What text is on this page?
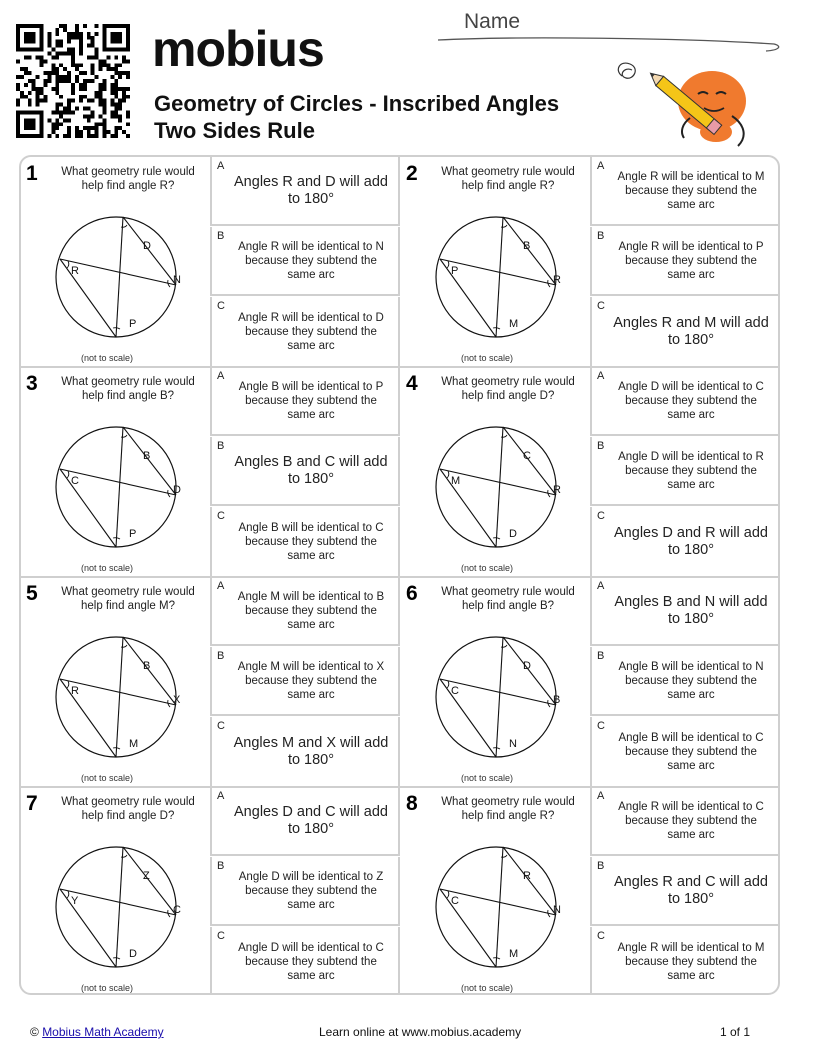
mobius
Geometry of Circles - Inscribed Angles
Two Sides Rule
Name
1	What geometry rule would help find angle R?
R
D
N
P
(not to scale)
A
Angles R and D will add to 180°
B
Angle R will be identical to N because they subtend the same arc
C
Angle R will be identical to D because they subtend the same arc
2	What geometry rule would help find angle R?
P
B
R
M
(not to scale)
A
Angle R will be identical to M because they subtend the same arc
B
Angle R will be identical to P because they subtend the same arc
C
Angles R and M will add to 180°
3	What geometry rule would help find angle B?
C
B
D
P
(not to scale)
A
Angle B will be identical to P because they subtend the same arc
B
Angles B and C will add to 180°
C
Angle B will be identical to C because they subtend the same arc
4	What geometry rule would help find angle D?
M
C
R
D
(not to scale)
A
Angle D will be identical to C because they subtend the same arc
B
Angle D will be identical to R because they subtend the same arc
C
Angles D and R will add to 180°
5	What geometry rule would help find angle M?
R
B
X
M
(not to scale)
A
Angle M will be identical to B because they subtend the same arc
B
Angle M will be identical to X because they subtend the same arc
C
Angles M and X will add to 180°
6	What geometry rule would help find angle B?
C
D
B
N
(not to scale)
A
Angles B and N will add to 180°
B
Angle B will be identical to N because they subtend the same arc
C
Angle B will be identical to C because they subtend the same arc
7	What geometry rule would help find angle D?
Y
Z
C
D
(not to scale)
A
Angles D and C will add to 180°
B
Angle D will be identical to Z because they subtend the same arc
C
Angle D will be identical to C because they subtend the same arc
8	What geometry rule would help find angle R?
C
R
N
M
(not to scale)
A
Angle R will be identical to C because they subtend the same arc
B
Angles R and C will add to 180°
C
Angle R will be identical to M because they subtend the same arc
© Mobius Math Academy	Learn online at www.mobius.academy	1 of 1
